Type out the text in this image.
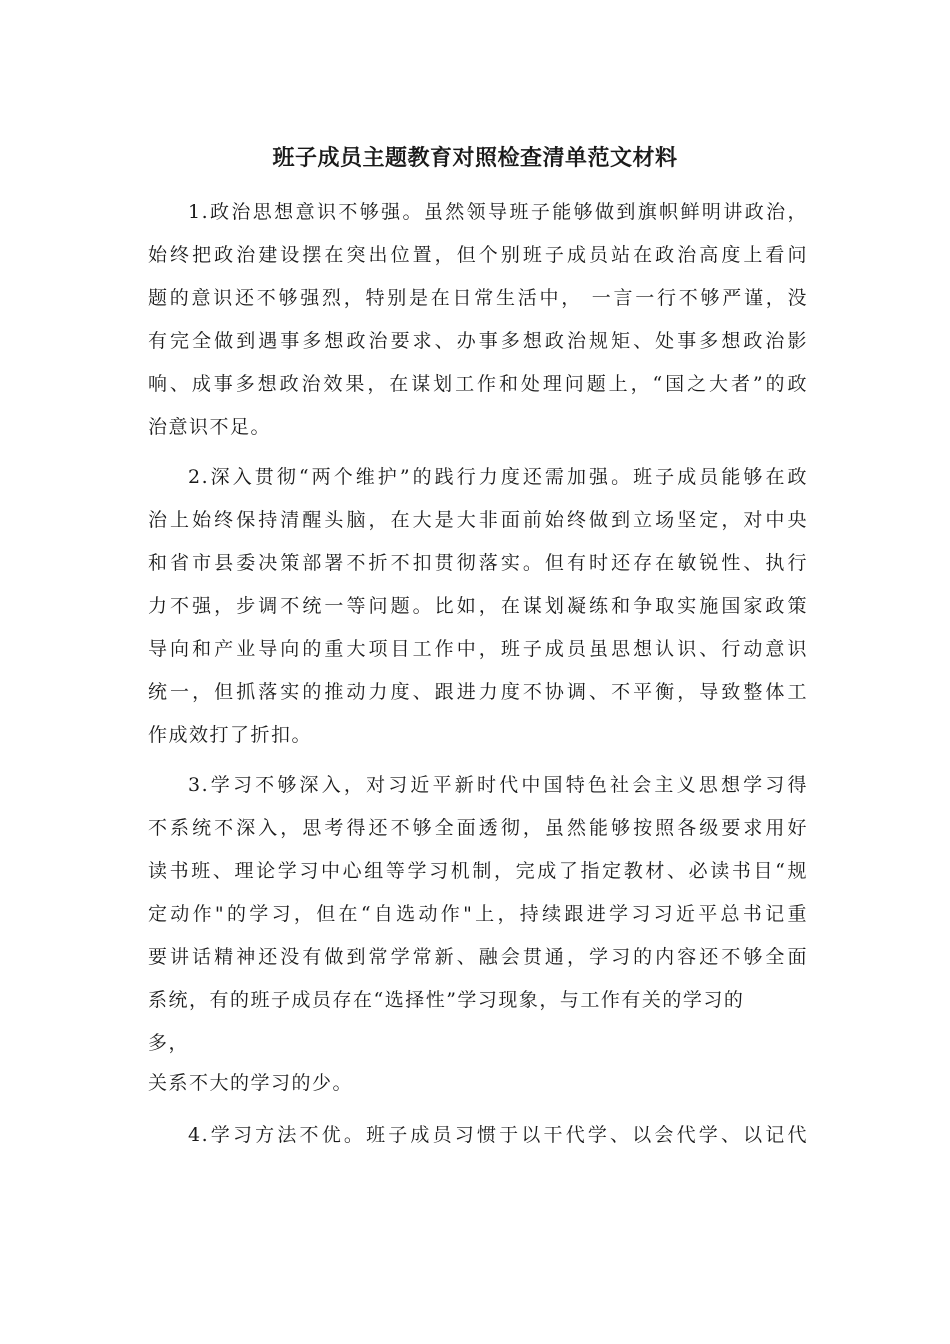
班子成员主题教育对照检查清单范文材料
1.政治思想意识不够强。虽然领导班子能够做到旗帜鲜明讲政治，
始终把政治建设摆在突出位置，但个别班子成员站在政治高度上看问
题的意识还不够强烈，特别是在日常生活中， 一言一行不够严谨，没
有完全做到遇事多想政治要求、办事多想政治规矩、处事多想政治影
响、成事多想政治效果，在谋划工作和处理问题上，“国之大者”的政
治意识不足。
2.深入贯彻“两个维护”的践行力度还需加强。班子成员能够在政
治上始终保持清醒头脑，在大是大非面前始终做到立场坚定，对中央
和省市县委决策部署不折不扣贯彻落实。但有时还存在敏锐性、执行
力不强，步调不统一等问题。比如，在谋划凝练和争取实施国家政策
导向和产业导向的重大项目工作中，班子成员虽思想认识、行动意识
统一，但抓落实的推动力度、跟进力度不协调、不平衡，导致整体工
作成效打了折扣。
3.学习不够深入，对习近平新时代中国特色社会主义思想学习得
不系统不深入，思考得还不够全面透彻，虽然能够按照各级要求用好
读书班、理论学习中心组等学习机制，完成了指定教材、必读书目“规
定动作"的学习，但在“自选动作"上，持续跟进学习习近平总书记重
要讲话精神还没有做到常学常新、融会贯通，学习的内容还不够全面
系统，有的班子成员存在“选择性”学习现象，与工作有关的学习的
多，
关系不大的学习的少。
4.学习方法不优。班子成员习惯于以干代学、以会代学、以记代
